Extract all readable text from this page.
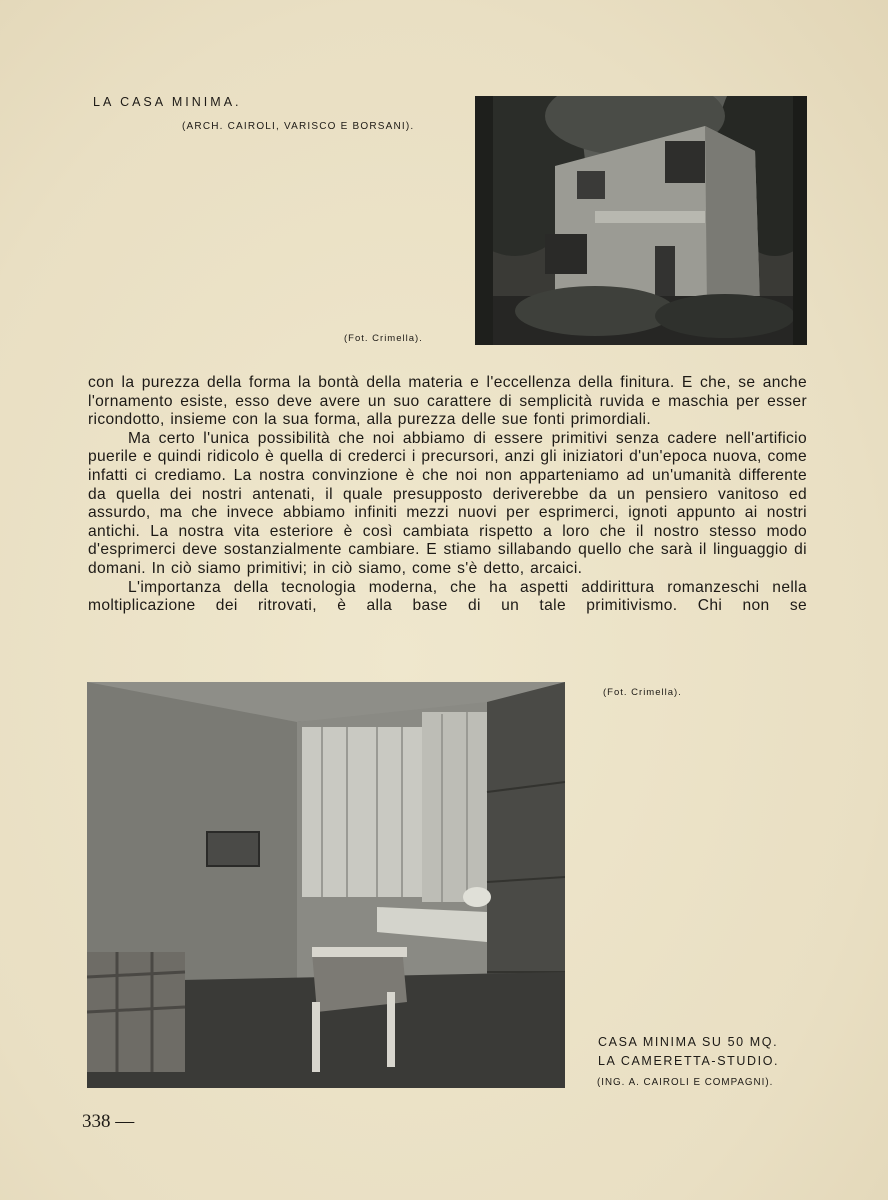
LA CASA MINIMA.
(ARCH. CAIROLI, VARISCO E BORSANI).
(Fot. Crimella).

con la purezza della forma la bontà della materia e l'eccellenza della finitura. E che, se anche l'ornamento esiste, esso deve avere un suo carattere di semplicità ruvida e maschia per esser ricondotto, insieme con la sua forma, alla purezza delle sue fonti primordiali.

Ma certo l'unica possibilità che noi abbiamo di essere primitivi senza cadere nell'artificio puerile e quindi ridicolo è quella di crederci i precursori, anzi gli iniziatori d'un'epoca nuova, come infatti ci crediamo. La nostra convinzione è che noi non apparteniamo ad un'umanità differente da quella dei nostri antenati, il quale presupposto deriverebbe da un pensiero vanitoso ed assurdo, ma che invece abbiamo infiniti mezzi nuovi per esprimerci, ignoti appunto ai nostri antichi. La nostra vita esteriore è così cambiata rispetto a loro che il nostro stesso modo d'esprimerci deve sostanzialmente cambiare. E stiamo sillabando quello che sarà il linguaggio di domani. In ciò siamo primitivi; in ciò siamo, come s'è detto, arcaici.

L'importanza della tecnologia moderna, che ha aspetti addirittura romanzeschi nella moltiplicazione dei ritrovati, è alla base di un tale primitivismo. Chi non se

(Fot. Crimella).
CASA MINIMA SU 50 MQ.
LA CAMERETTA-STUDIO.
(ING. A. CAIROLI E COMPAGNI).
338 —
